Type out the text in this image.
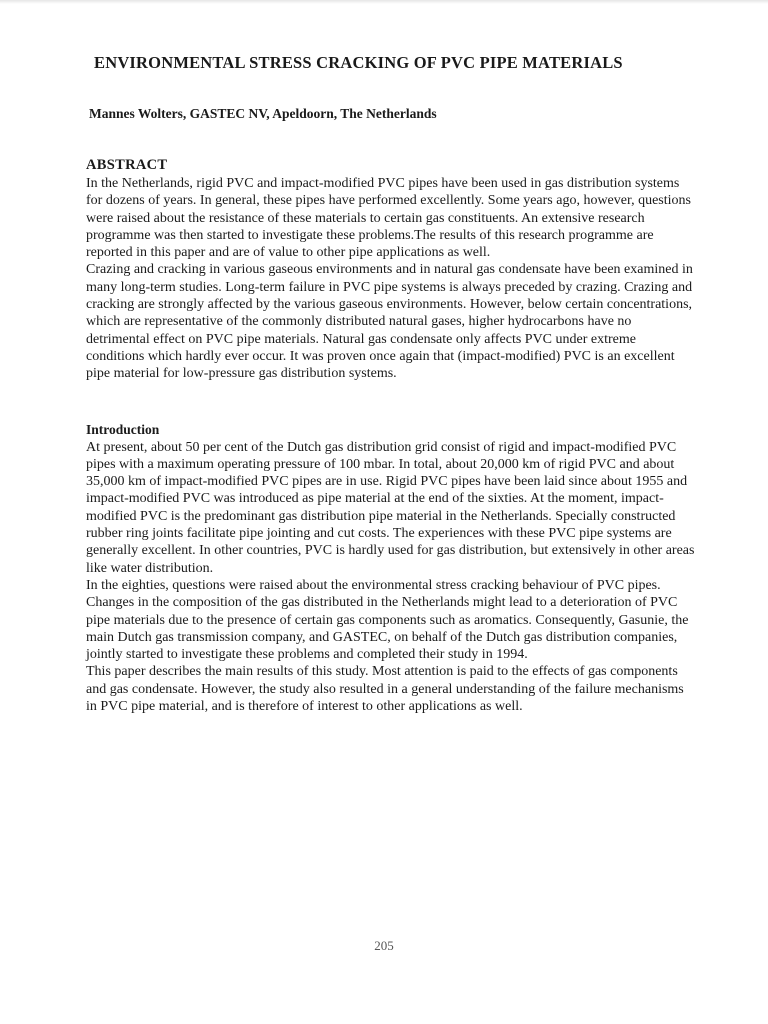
ENVIRONMENTAL STRESS CRACKING OF PVC PIPE MATERIALS

Mannes Wolters, GASTEC NV, Apeldoorn, The Netherlands

ABSTRACT

In the Netherlands, rigid PVC and impact-modified PVC pipes have been used in gas distribution systems for dozens of years. In general, these pipes have performed excellently. Some years ago, however, questions were raised about the resistance of these materials to certain gas constituents. An extensive research programme was then started to investigate these problems.The results of this research programme are reported in this paper and are of value to other pipe applications as well.

Crazing and cracking in various gaseous environments and in natural gas condensate have been examined in many long-term studies. Long-term failure in PVC pipe systems is always preceded by crazing. Crazing and cracking are strongly affected by the various gaseous environments. However, below certain concentrations, which are representative of the commonly distributed natural gases, higher hydrocarbons have no detrimental effect on PVC pipe materials. Natural gas condensate only affects PVC under extreme conditions which hardly ever occur. It was proven once again that (impact-modified) PVC is an excellent pipe material for low-pressure gas distribution systems.

Introduction

At present, about 50 per cent of the Dutch gas distribution grid consist of rigid and impact-modified PVC pipes with a maximum operating pressure of 100 mbar. In total, about 20,000 km of rigid PVC and about 35,000 km of impact-modified PVC pipes are in use. Rigid PVC pipes have been laid since about 1955 and impact-modified PVC was introduced as pipe material at the end of the sixties. At the moment, impact-modified PVC is the predominant gas distribution pipe material in the Netherlands. Specially constructed rubber ring joints facilitate pipe jointing and cut costs. The experiences with these PVC pipe systems are generally excellent. In other countries, PVC is hardly used for gas distribution, but extensively in other areas like water distribution.

In the eighties, questions were raised about the environmental stress cracking behaviour of PVC pipes. Changes in the composition of the gas distributed in the Netherlands might lead to a deterioration of PVC pipe materials due to the presence of certain gas components such as aromatics. Consequently, Gasunie, the main Dutch gas transmission company, and GASTEC, on behalf of the Dutch gas distribution companies, jointly started to investigate these problems and completed their study in 1994.

This paper describes the main results of this study. Most attention is paid to the effects of gas components and gas condensate. However, the study also resulted in a general understanding of the failure mechanisms in PVC pipe material, and is therefore of interest to other applications as well.

205
